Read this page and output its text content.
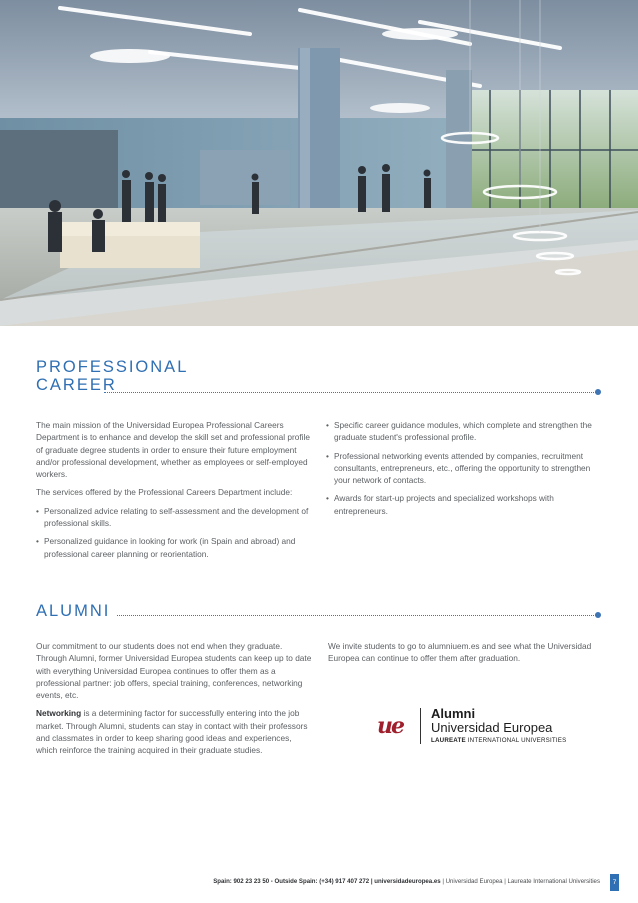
PROFESSIONAL
CAREER

The main mission of the Universidad Europea Professional Careers Department is to enhance and develop the skill set and professional profile of graduate degree students in order to ensure their future employment and/or professional development, whether as employees or self-employed workers.

The services offered by the Professional Careers Department include:

• Personalized advice relating to self-assessment and the development of professional skills.
• Personalized guidance in looking for work (in Spain and abroad) and professional career planning or reorientation.
• Specific career guidance modules, which complete and strengthen the graduate student's professional profile.
• Professional networking events attended by companies, recruitment consultants, entrepreneurs, etc., offering the opportunity to strengthen your network of contacts.
• Awards for start-up projects and specialized workshops with entrepreneurs.
ALUMNI

Our commitment to our students does not end when they graduate. Through Alumni, former Universidad Europea students can keep up to date with everything Universidad Europea continues to offer them as a professional partner: job offers, special training, conferences, networking events, etc.

Networking is a determining factor for successfully entering into the job market. Through Alumni, students can stay in contact with their professors and classmates in order to keep sharing good ideas and experiences, which reinforce the training acquired in their graduate studies.

We invite students to go to alumniuem.es and see what the Universidad Europea can continue to offer them after graduation.

ue	Alumni
Universidad Europea
LAUREATE INTERNATIONAL UNIVERSITIES
Spain: 902 23 23 50 - Outside Spain: (+34) 917 407 272 | universidadeuropea.es | Universidad Europea | Laureate International Universities	7
